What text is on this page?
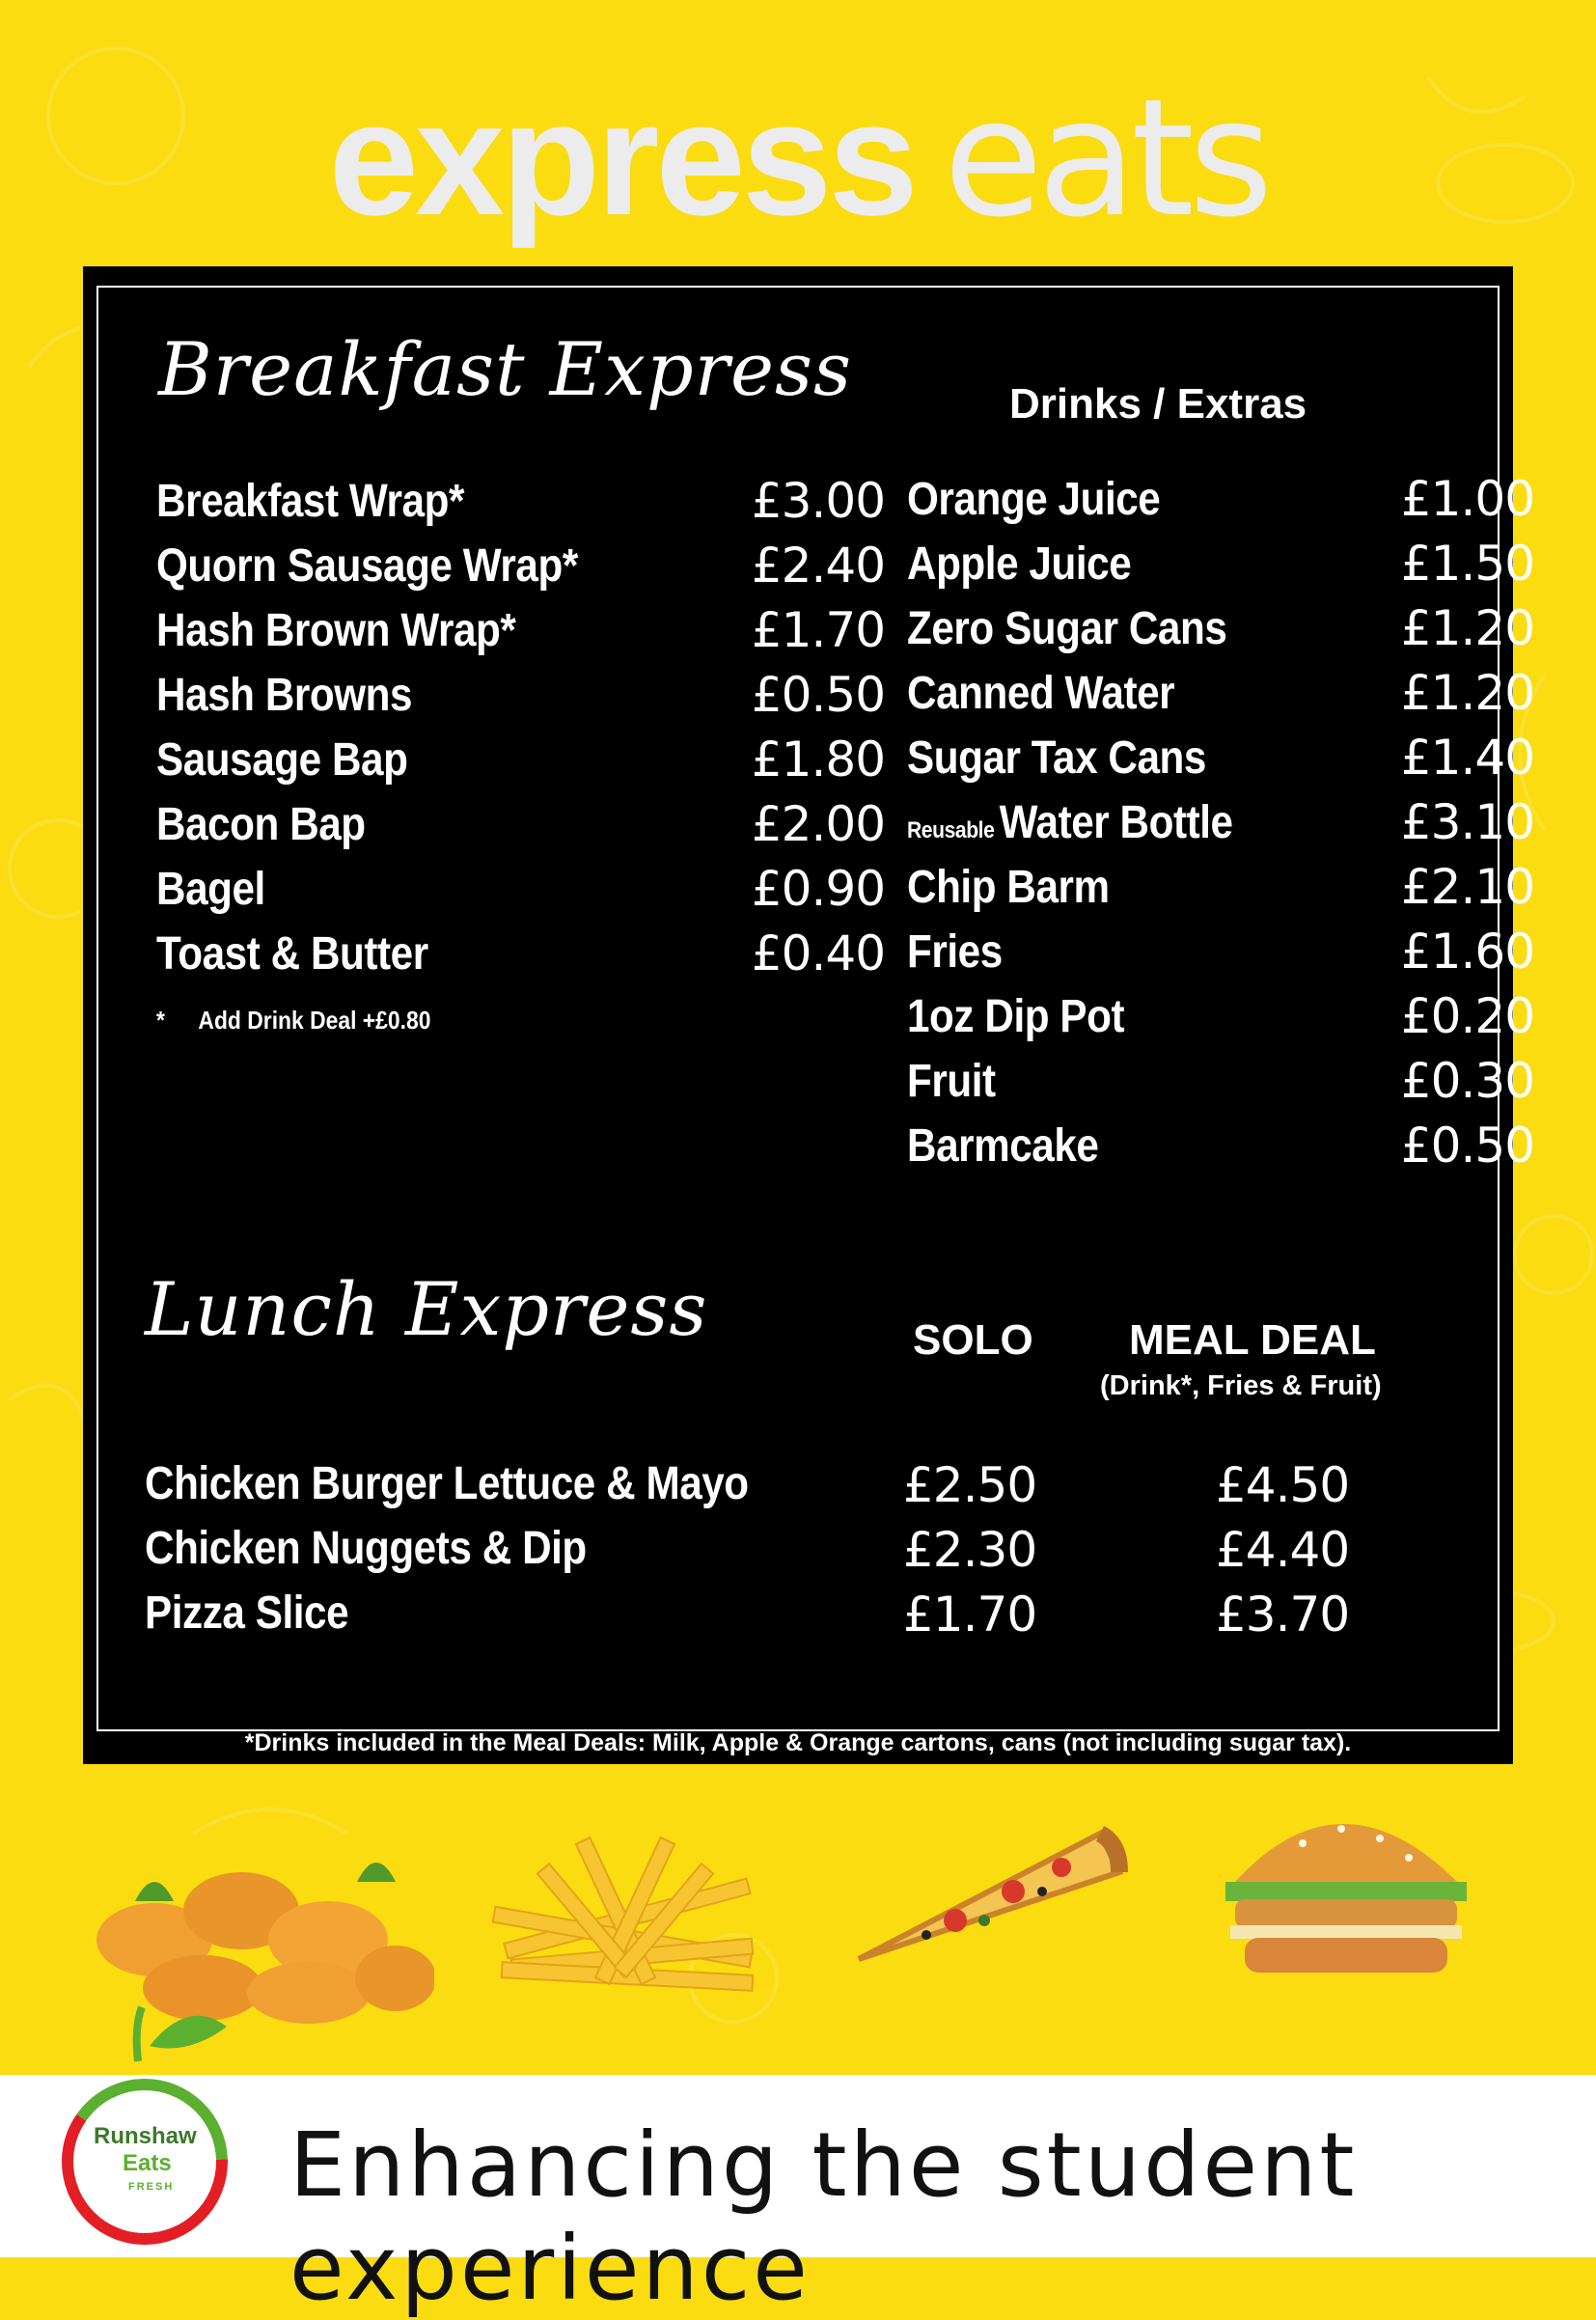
express eats
Breakfast Express
Breakfast Wrap*	£3.00
Quorn Sausage Wrap*	£2.40
Hash Brown Wrap*	£1.70
Hash Browns	£0.50
Sausage Bap	£1.80
Bacon Bap	£2.00
Bagel	£0.90
Toast & Butter	£0.40
* Add Drink Deal +£0.80
Drinks / Extras
Orange Juice	£1.00
Apple Juice	£1.50
Zero Sugar Cans	£1.20
Canned Water	£1.20
Sugar Tax Cans	£1.40
Reusable Water Bottle	£3.10
Chip Barm	£2.10
Fries	£1.60
1oz Dip Pot	£0.20
Fruit	£0.30
Barmcake	£0.50
Lunch Express	SOLO MEAL DEAL
(Drink*, Fries & Fruit)
Chicken Burger Lettuce & Mayo	£2.50	£4.50
Chicken Nuggets & Dip	£2.30	£4.40
Pizza Slice	£1.70	£3.70
*Drinks included in the Meal Deals: Milk, Apple & Orange cartons, cans (not including sugar tax).
Runshaw
Eats
FRESH Enhancing the student experience
